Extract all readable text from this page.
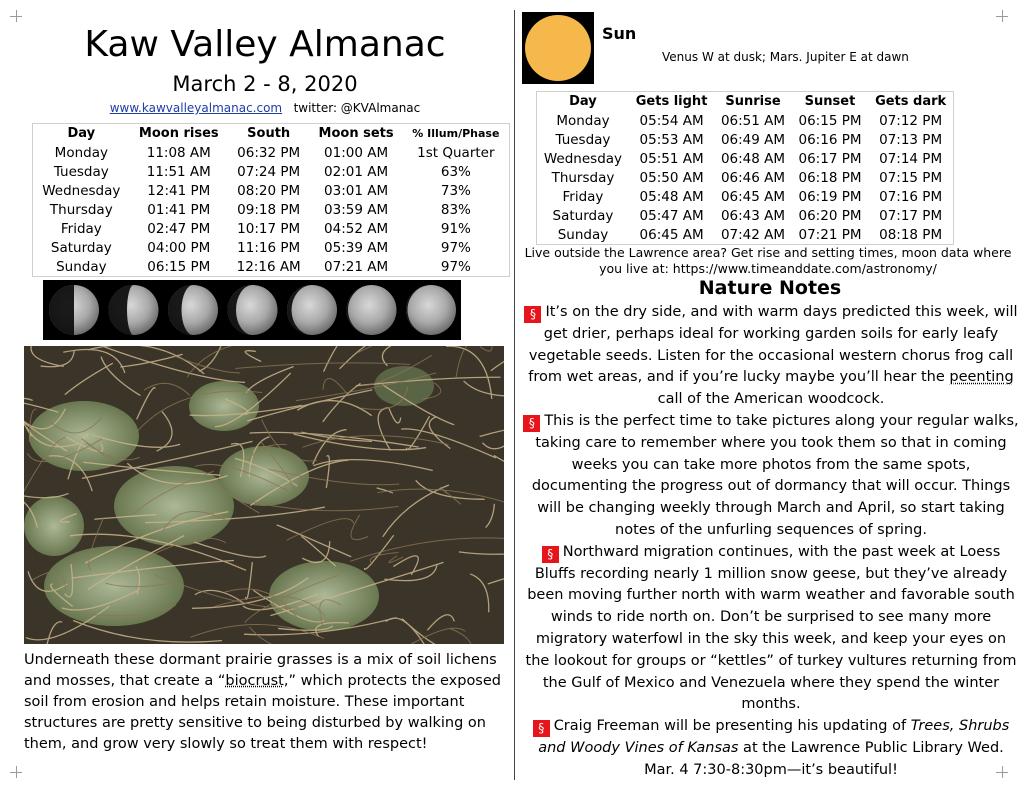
Kaw Valley Almanac
March 2 - 8, 2020
www.kawvalleyalmanac.com twitter: @KVAlmanac
Day	Moon rises	South	Moon sets	% Illum/Phase
Monday	11:08 AM	06:32 PM	01:00 AM	1st Quarter
Tuesday	11:51 AM	07:24 PM	02:01 AM	63%
Wednesday	12:41 PM	08:20 PM	03:01 AM	73%
Thursday	01:41 PM	09:18 PM	03:59 AM	83%
Friday	02:47 PM	10:17 PM	04:52 AM	91%
Saturday	04:00 PM	11:16 PM	05:39 AM	97%
Sunday	06:15 PM	12:16 AM	07:21 AM	97%
Underneath these dormant prairie grasses is a mix of soil lichens and mosses, that create a “biocrust,” which protects the exposed soil from erosion and helps retain moisture. These important structures are pretty sensitive to being disturbed by walking on them, and grow very slowly so treat them with respect!
Sun
Venus W at dusk; Mars. Jupiter E at dawn
Day	Gets light	Sunrise	Sunset	Gets dark
Monday	05:54 AM	06:51 AM	06:15 PM	07:12 PM
Tuesday	05:53 AM	06:49 AM	06:16 PM	07:13 PM
Wednesday	05:51 AM	06:48 AM	06:17 PM	07:14 PM
Thursday	05:50 AM	06:46 AM	06:18 PM	07:15 PM
Friday	05:48 AM	06:45 AM	06:19 PM	07:16 PM
Saturday	05:47 AM	06:43 AM	06:20 PM	07:17 PM
Sunday	06:45 AM	07:42 AM	07:21 PM	08:18 PM
Live outside the Lawrence area? Get rise and setting times, moon data where you live at: https://www.timeanddate.com/astronomy/
Nature Notes

§ It’s on the dry side, and with warm days predicted this week, will get drier, perhaps ideal for working garden soils for early leafy vegetable seeds. Listen for the occasional western chorus frog call from wet areas, and if you’re lucky maybe you’ll hear the peenting call of the American woodcock.

§ This is the perfect time to take pictures along your regular walks, taking care to remember where you took them so that in coming weeks you can take more photos from the same spots, documenting the progress out of dormancy that will occur. Things will be changing weekly through March and April, so start taking notes of the unfurling sequences of spring.

§ Northward migration continues, with the past week at Loess Bluffs recording nearly 1 million snow geese, but they’ve already been moving further north with warm weather and favorable south winds to ride north on. Don’t be surprised to see many more migratory waterfowl in the sky this week, and keep your eyes on the lookout for groups or “kettles” of turkey vultures returning from the Gulf of Mexico and Venezuela where they spend the winter months.

§ Craig Freeman will be presenting his updating of Trees, Shrubs and Woody Vines of Kansas at the Lawrence Public Library Wed. Mar. 4 7:30-8:30pm—it’s beautiful!
